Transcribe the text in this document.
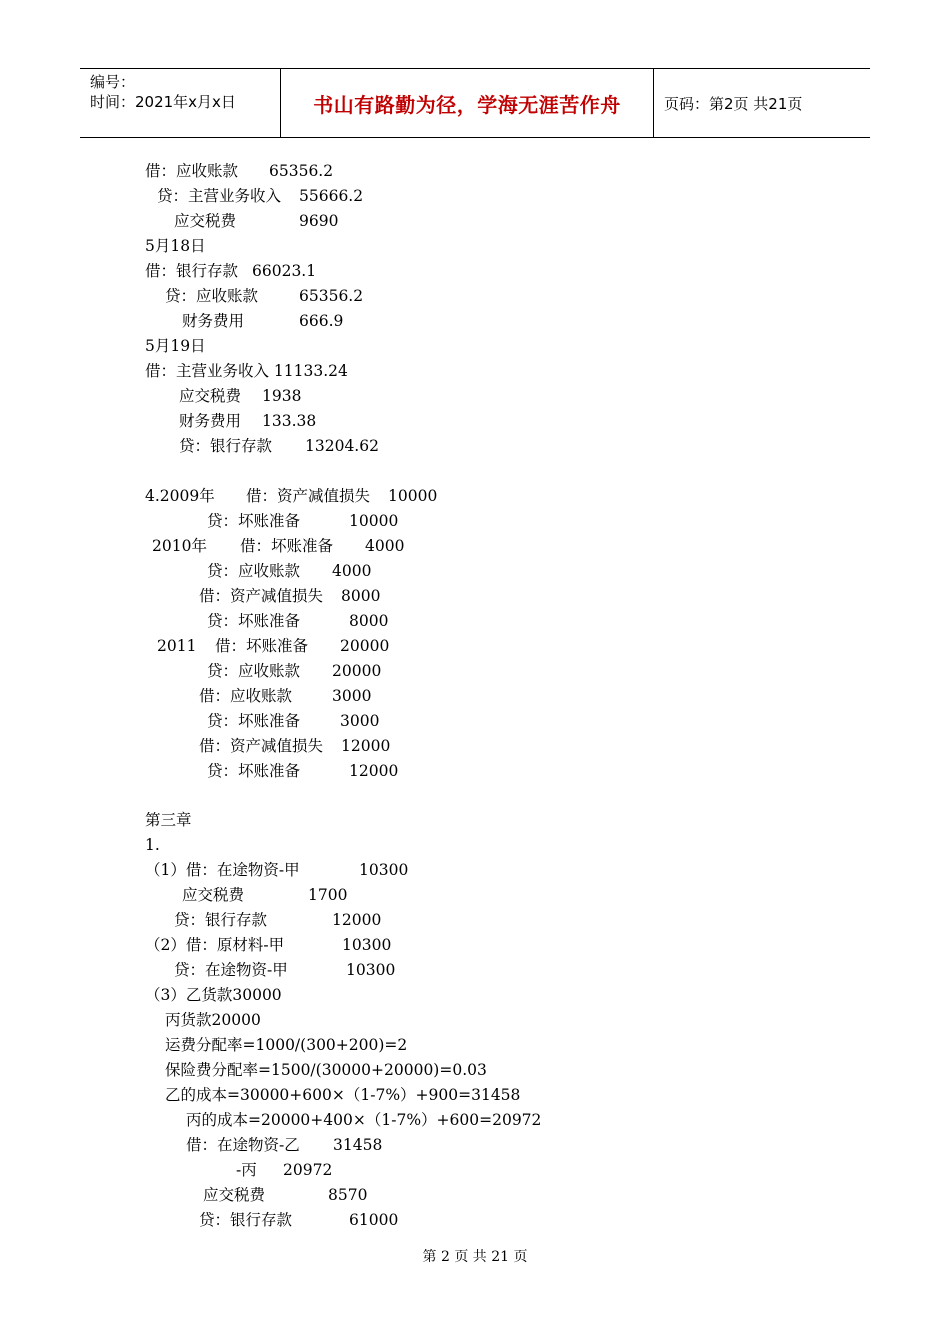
编号：
时间：2021年x月x日	书山有路勤为径，学海无涯苦作舟	页码：第2页 共21页
借：应收账款 65356.2
贷：主营业务收入 55666.2
应交税费	9690
5月18日
借：银行存款 66023.1
贷：应收账款	65356.2
财务费用	666.9
5月19日
借：主营业务收入 11133.24
应交税费 1938
财务费用 133.38
贷：银行存款 13204.62
4.2009年 借：资产减值损失 10000
贷：坏账准备	10000
2010年 借：坏账准备 4000
贷：应收账款 4000
借：资产减值损失 8000
贷：坏账准备	8000
2011 借：坏账准备 20000
贷：应收账款 20000
借：应收账款	3000
贷：坏账准备	3000
借：资产减值损失 12000
贷：坏账准备	12000
第三章
1.
（1）借：在途物资-甲	10300
应交税费	1700
贷：银行存款	12000
（2）借：原材料-甲	10300
贷：在途物资-甲	10300
（3）乙货款30000
丙货款20000
运费分配率=1000/(300+200)=2
保险费分配率=1500/(30000+20000)=0.03
乙的成本=30000+600×（1-7%）+900=31458
丙的成本=20000+400×（1-7%）+600=20972
借：在途物资-乙 31458
-丙 20972
应交税费	8570
贷：银行存款	61000
第 2 页 共 21 页
